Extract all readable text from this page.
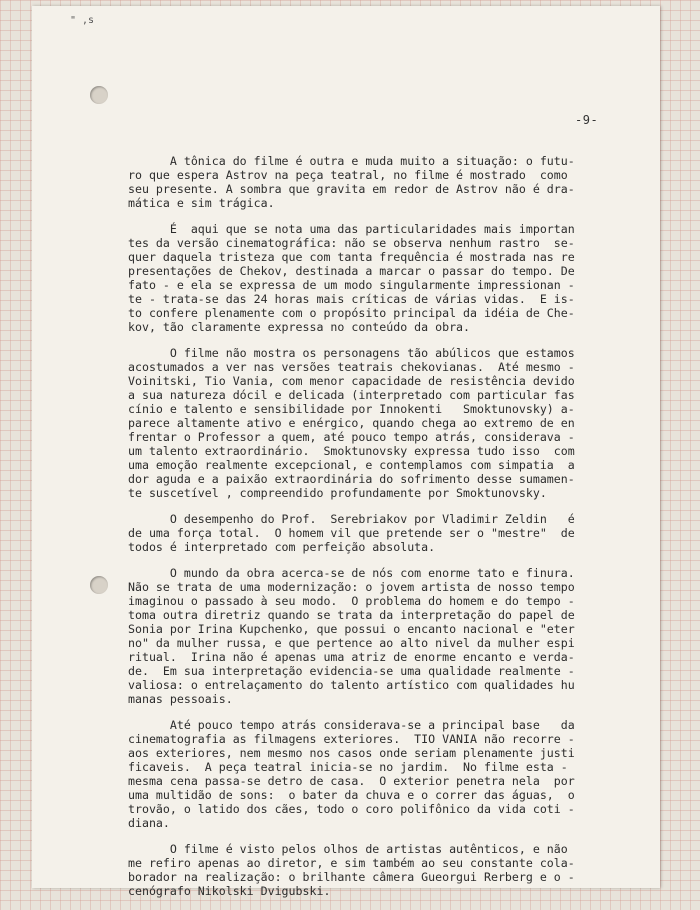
" ,s
-9-
A tônica do filme é outra e muda muito a situação: o futu-
ro que espera Astrov na peça teatral, no filme é mostrado  como
seu presente. A sombra que gravita em redor de Astrov não é dra-
mática e sim trágica.
É  aqui que se nota uma das particularidades mais importan
tes da versão cinematográfica: não se observa nenhum rastro  se-
quer daquela tristeza que com tanta frequência é mostrada nas re
presentações de Chekov, destinada a marcar o passar do tempo. De
fato - e ela se expressa de um modo singularmente impressionan -
te - trata-se das 24 horas mais críticas de várias vidas.  E is-
to confere plenamente com o propósito principal da idéia de Che-
kov, tão claramente expressa no conteúdo da obra.
O filme não mostra os personagens tão abúlicos que estamos
acostumados a ver nas versões teatrais chekovianas.  Até mesmo -
Voinitski, Tio Vania, com menor capacidade de resistência devido
a sua natureza dócil e delicada (interpretado com particular fas
cínio e talento e sensibilidade por Innokenti   Smoktunovsky) a-
parece altamente ativo e enérgico, quando chega ao extremo de en
frentar o Professor a quem, até pouco tempo atrás, considerava -
um talento extraordinário.  Smoktunovsky expressa tudo isso  com
uma emoção realmente excepcional, e contemplamos com simpatia  a
dor aguda e a paixão extraordinária do sofrimento desse sumamen-
te suscetível , compreendido profundamente por Smoktunovsky.
O desempenho do Prof.  Serebriakov por Vladimir Zeldin   é
de uma força total.  O homem vil que pretende ser o "mestre"  de
todos é interpretado com perfeição absoluta.
O mundo da obra acerca-se de nós com enorme tato e finura.
Não se trata de uma modernização: o jovem artista de nosso tempo
imaginou o passado à seu modo.  O problema do homem e do tempo -
toma outra diretriz quando se trata da interpretação do papel de
Sonia por Irina Kupchenko, que possui o encanto nacional e "eter
no" da mulher russa, e que pertence ao alto nivel da mulher espi
ritual.  Irina não é apenas uma atriz de enorme encanto e verda-
de.  Em sua interpretação evidencia-se uma qualidade realmente -
valiosa: o entrelaçamento do talento artístico com qualidades hu
manas pessoais.
Até pouco tempo atrás considerava-se a principal base   da
cinematografia as filmagens exteriores.  TIO VANIA não recorre -
aos exteriores, nem mesmo nos casos onde seriam plenamente justi
ficaveis.  A peça teatral inicia-se no jardim.  No filme esta -
mesma cena passa-se detro de casa.  O exterior penetra nela  por
uma multidão de sons:  o bater da chuva e o correr das águas,  o
trovão, o latido dos cães, todo o coro polifônico da vida coti -
diana.
O filme é visto pelos olhos de artistas autênticos, e não
me refiro apenas ao diretor, e sim também ao seu constante cola-
borador na realização: o brilhante câmera Gueorgui Rerberg e o -
cenógrafo Nikolski Dvigubski.
